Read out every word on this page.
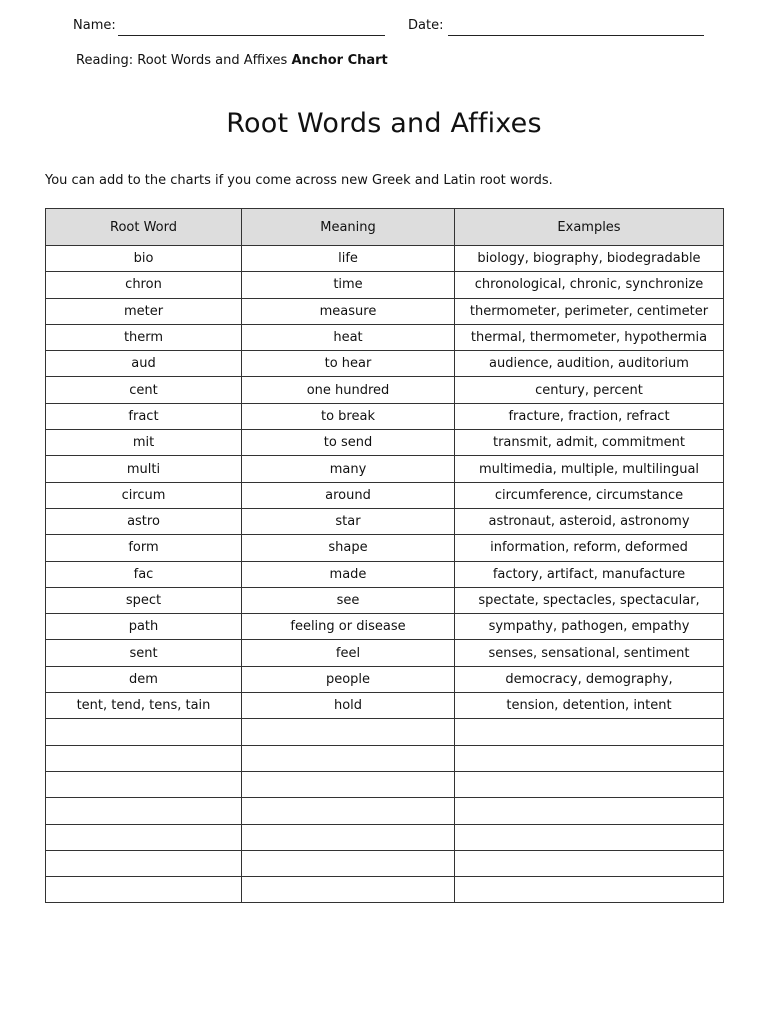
Name:	Date:
Reading: Root Words and Affixes Anchor Chart
Root Words and Affixes
You can add to the charts if you come across new Greek and Latin root words.
Root Word	Meaning	Examples
bio	life	biology, biography, biodegradable
chron	time	chronological, chronic, synchronize
meter	measure	thermometer, perimeter, centimeter
therm	heat	thermal, thermometer, hypothermia
aud	to hear	audience, audition, auditorium
cent	one hundred	century, percent
fract	to break	fracture, fraction, refract
mit	to send	transmit, admit, commitment
multi	many	multimedia, multiple, multilingual
circum	around	circumference, circumstance
astro	star	astronaut, asteroid, astronomy
form	shape	information, reform, deformed
fac	made	factory, artifact, manufacture
spect	see	spectate, spectacles, spectacular,
path	feeling or disease	sympathy, pathogen, empathy
sent	feel	senses, sensational, sentiment
dem	people	democracy, demography,
tent, tend, tens, tain	hold	tension, detention, intent
